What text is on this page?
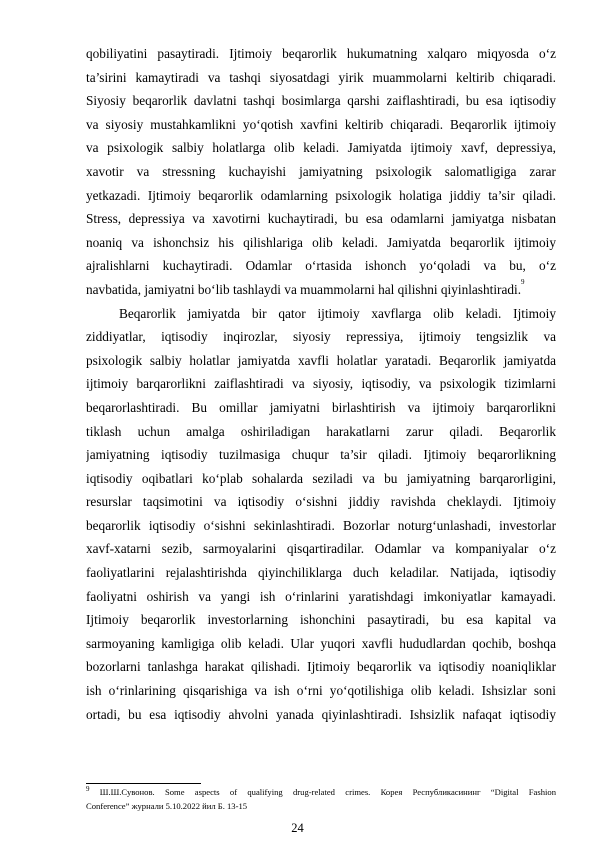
qobiliyatini pasaytiradi. Ijtimoiy beqarorlik hukumatning xalqaro miqyosda o‘z
ta’sirini kamaytiradi va tashqi siyosatdagi yirik muammolarni keltirib chiqaradi.
Siyosiy beqarorlik davlatni tashqi bosimlarga qarshi zaiflashtiradi, bu esa iqtisodiy
va siyosiy mustahkamlikni yo‘qotish xavfini keltirib chiqaradi. Beqarorlik ijtimoiy
va psixologik salbiy holatlarga olib keladi. Jamiyatda ijtimoiy xavf, depressiya,
xavotir va stressning kuchayishi jamiyatning psixologik salomatligiga zarar
yetkazadi. Ijtimoiy beqarorlik odamlarning psixologik holatiga jiddiy ta’sir qiladi.
Stress, depressiya va xavotirni kuchaytiradi, bu esa odamlarni jamiyatga nisbatan
noaniq va ishonchsiz his qilishlariga olib keladi. Jamiyatda beqarorlik ijtimoiy
ajralishlarni kuchaytiradi. Odamlar o‘rtasida ishonch yo‘qoladi va bu, o‘z
navbatida, jamiyatni bo‘lib tashlaydi va muammolarni hal qilishni qiyinlashtiradi.$^9$
Beqarorlik jamiyatda bir qator ijtimoiy xavflarga olib keladi. Ijtimoiy
ziddiyatlar, iqtisodiy inqirozlar, siyosiy repressiya, ijtimoiy tengsizlik va
psixologik salbiy holatlar jamiyatda xavfli holatlar yaratadi. Beqarorlik jamiyatda
ijtimoiy barqarorlikni zaiflashtiradi va siyosiy, iqtisodiy, va psixologik tizimlarni
beqarorlashtiradi. Bu omillar jamiyatni birlashtirish va ijtimoiy barqarorlikni
tiklash uchun amalga oshiriladigan harakatlarni zarur qiladi. Beqarorlik
jamiyatning iqtisodiy tuzilmasiga chuqur ta’sir qiladi. Ijtimoiy beqarorlikning
iqtisodiy oqibatlari ko‘plab sohalarda seziladi va bu jamiyatning barqarorligini,
resurslar taqsimotini va iqtisodiy o‘sishni jiddiy ravishda cheklaydi. Ijtimoiy
beqarorlik iqtisodiy o‘sishni sekinlashtiradi. Bozorlar noturg‘unlashadi, investorlar
xavf-xatarni sezib, sarmoyalarini qisqartiradilar. Odamlar va kompaniyalar o‘z
faoliyatlarini rejalashtirishda qiyinchiliklarga duch keladilar. Natijada, iqtisodiy
faoliyatni oshirish va yangi ish o‘rinlarini yaratishdagi imkoniyatlar kamayadi.
Ijtimoiy beqarorlik investorlarning ishonchini pasaytiradi, bu esa kapital va
sarmoyaning kamligiga olib keladi. Ular yuqori xavfli hududlardan qochib, boshqa
bozorlarni tanlashga harakat qilishadi. Ijtimoiy beqarorlik va iqtisodiy noaniqliklar
ish o‘rinlarining qisqarishiga va ish o‘rni yo‘qotilishiga olib keladi. Ishsizlar soni
ortadi, bu esa iqtisodiy ahvolni yanada qiyinlashtiradi. Ishsizlik nafaqat iqtisodiy
$^9$ Ш.Ш.Сувонов. Some aspects of qualifying drug-related crimes. Корея Республикасининг “Digital Fashion
Conference” журнали 5.10.2022 йил Б. 13-15
24
